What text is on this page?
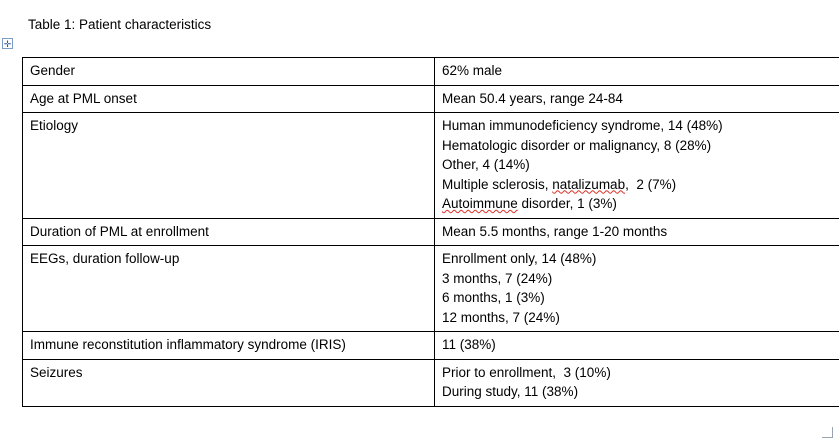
Table 1: Patient characteristics
✛
Gender	62% male

Age at PML onset	Mean 50.4 years, range 24-84

Etiology	Human immunodeficiency syndrome, 14 (48%)
Hematologic disorder or malignancy, 8 (28%)
Other, 4 (14%)
Multiple sclerosis, natalizumab,  2 (7%)
Autoimmune disorder, 1 (3%)

Duration of PML at enrollment	Mean 5.5 months, range 1-20 months

EEGs, duration follow-up	Enrollment only, 14 (48%)
3 months, 7 (24%)
6 months, 1 (3%)
12 months, 7 (24%)

Immune reconstitution inflammatory syndrome (IRIS)	11 (38%)

Seizures	Prior to enrollment,  3 (10%)
During study, 11 (38%)
